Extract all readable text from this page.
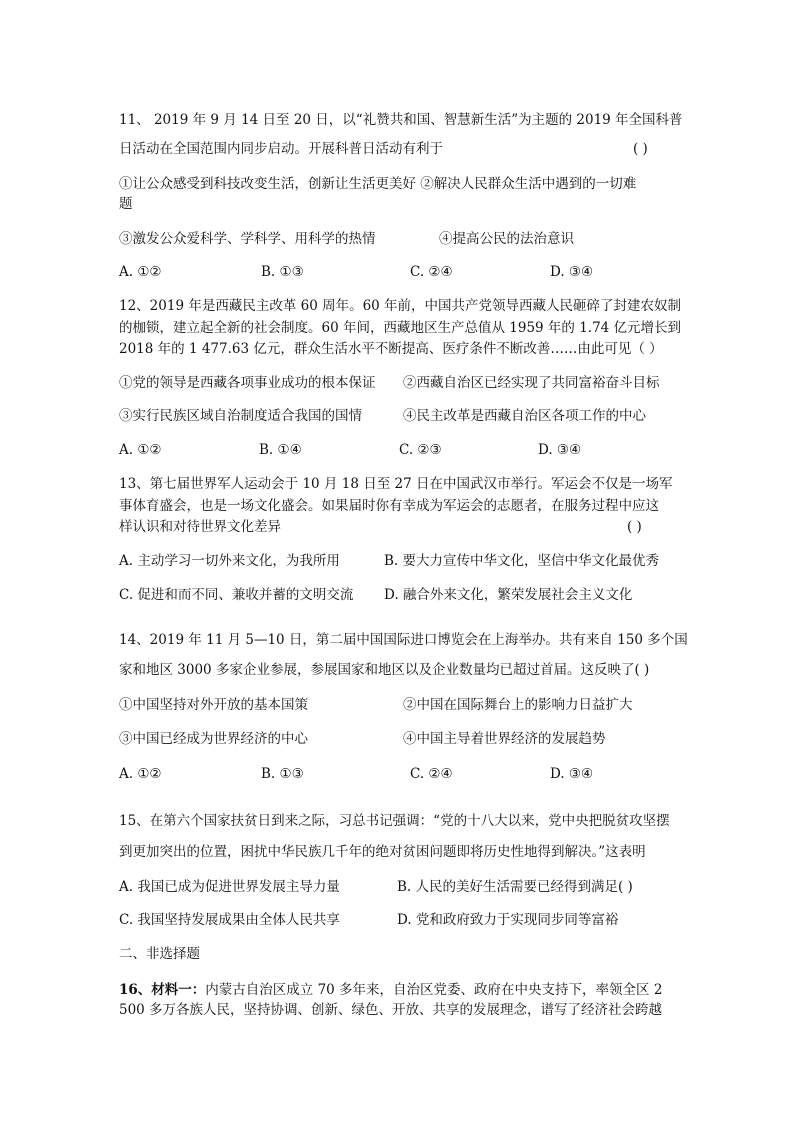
11、 2019 年 9 月 14 日至 20 日，以“礼赞共和国、智慧新生活”为主题的 2019 年全国科普
日活动在全国范围内同步启动。开展科普日活动有利于	( )
①让公众感受到科技改变生活，创新让生活更美好 ②解决人民群众生活中遇到的一切难
题
③激发公众爱科学、学科学、用科学的热情	④提高公民的法治意识
A. ①②	B. ①③	C. ②④	D. ③④
12、2019 年是西藏民主改革 60 周年。60 年前，中国共产党领导西藏人民砸碎了封建农奴制
的枷锁，建立起全新的社会制度。60 年间，西藏地区生产总值从 1959 年的 1.74 亿元增长到
2018 年的 1 477.63 亿元，群众生活水平不断提高、医疗条件不断改善……由此可见（ ）
①党的领导是西藏各项事业成功的根本保证 ②西藏自治区已经实现了共同富裕奋斗目标
③实行民族区域自治制度适合我国的国情	④民主改革是西藏自治区各项工作的中心
A. ①②	B. ①④	C. ②③	D. ③④
13、第七届世界军人运动会于 10 月 18 日至 27 日在中国武汉市举行。军运会不仅是一场军
事体育盛会，也是一场文化盛会。如果届时你有幸成为军运会的志愿者，在服务过程中应这
样认识和对待世界文化差异	( )
A. 主动学习一切外来文化，为我所用	B. 要大力宣传中华文化，坚信中华文化最优秀
C. 促进和而不同、兼收并蓄的文明交流 D. 融合外来文化，繁荣发展社会主义文化
14、2019 年 11 月 5—10 日，第二届中国国际进口博览会在上海举办。共有来自 150 多个国
家和地区 3000 多家企业参展，参展国家和地区以及企业数量均已超过首届。这反映了( )
①中国坚持对外开放的基本国策	②中国在国际舞台上的影响力日益扩大
③中国已经成为世界经济的中心	④中国主导着世界经济的发展趋势
A. ①②	B. ①③	C. ②④	D. ③④
15、在第六个国家扶贫日到来之际，习总书记强调：“党的十八大以来，党中央把脱贫攻坚摆
到更加突出的位置，困扰中华民族几千年的绝对贫困问题即将历史性地得到解决。”这表明
A. 我国已成为促进世界发展主导力量	B. 人民的美好生活需要已经得到满足( )
C. 我国坚持发展成果由全体人民共享	D. 党和政府致力于实现同步同等富裕
二、非选择题
16、材料一：内蒙古自治区成立 70 多年来，自治区党委、政府在中央支持下，率领全区 2
500 多万各族人民，坚持协调、创新、绿色、开放、共享的发展理念，谱写了经济社会跨越
